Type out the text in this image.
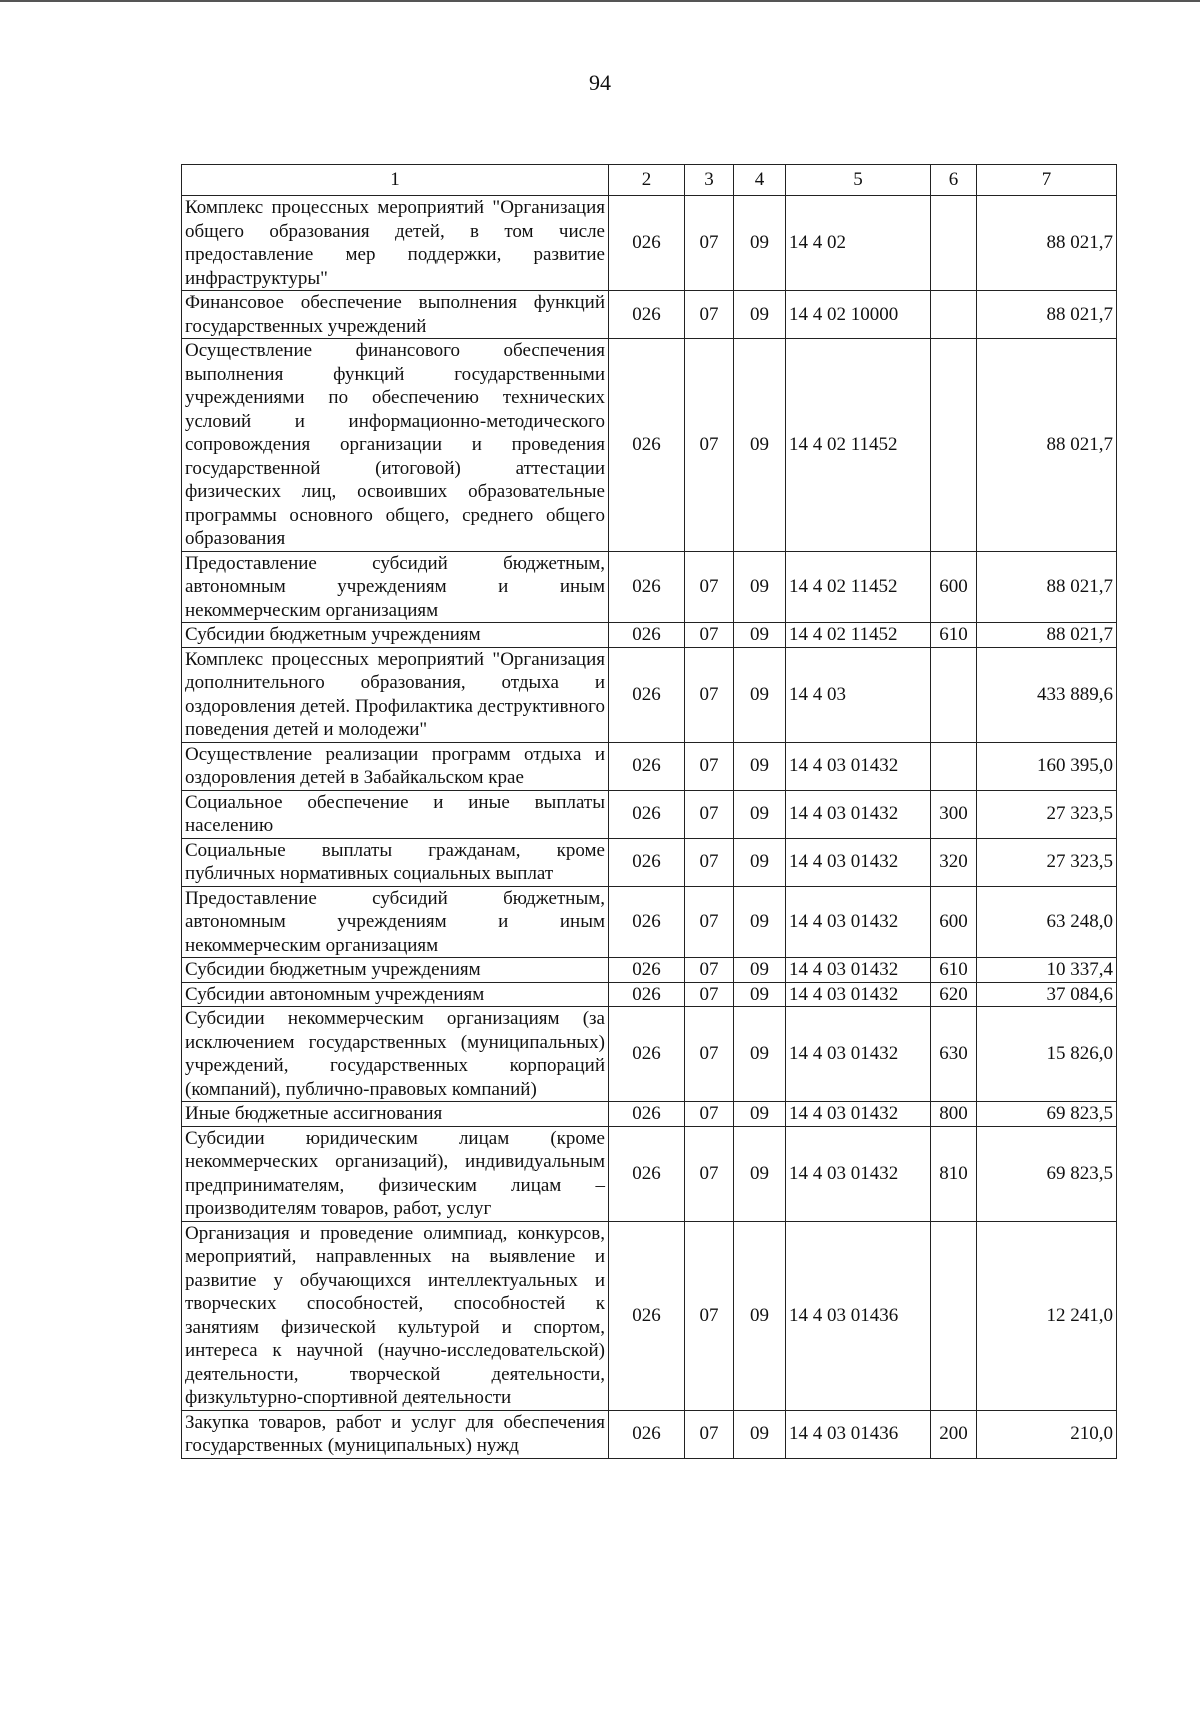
94
1	2	3	4	5	6	7
Комплекс процессных мероприятий "Организация общего образования детей, в том числе предоставление мер поддержки, развитие инфраструктуры"	026	07	09	14 4 02		88 021,7
Финансовое обеспечение выполнения функций государственных учреждений	026	07	09	14 4 02 10000		88 021,7
Осуществление финансового обеспечения выполнения функций государственными учреждениями по обеспечению технических условий и информационно-методического сопровождения организации и проведения государственной (итоговой) аттестации физических лиц, освоивших образовательные программы основного общего, среднего общего образования	026	07	09	14 4 02 11452		88 021,7
Предоставление субсидий бюджетным, автономным учреждениям и иным некоммерческим организациям	026	07	09	14 4 02 11452	600	88 021,7
Субсидии бюджетным учреждениям	026	07	09	14 4 02 11452	610	88 021,7
Комплекс процессных мероприятий "Организация дополнительного образования, отдыха и оздоровления детей. Профилактика деструктивного поведения детей и молодежи"	026	07	09	14 4 03		433 889,6
Осуществление реализации программ отдыха и оздоровления детей в Забайкальском крае	026	07	09	14 4 03 01432		160 395,0
Социальное обеспечение и иные выплаты населению	026	07	09	14 4 03 01432	300	27 323,5
Социальные выплаты гражданам, кроме публичных нормативных социальных выплат	026	07	09	14 4 03 01432	320	27 323,5
Предоставление субсидий бюджетным, автономным учреждениям и иным некоммерческим организациям	026	07	09	14 4 03 01432	600	63 248,0
Субсидии бюджетным учреждениям	026	07	09	14 4 03 01432	610	10 337,4
Субсидии автономным учреждениям	026	07	09	14 4 03 01432	620	37 084,6
Субсидии некоммерческим организациям (за исключением государственных (муниципальных) учреждений, государственных корпораций (компаний), публично-правовых компаний)	026	07	09	14 4 03 01432	630	15 826,0
Иные бюджетные ассигнования	026	07	09	14 4 03 01432	800	69 823,5
Субсидии юридическим лицам (кроме некоммерческих организаций), индивидуальным предпринимателям, физическим лицам – производителям товаров, работ, услуг	026	07	09	14 4 03 01432	810	69 823,5
Организация и проведение олимпиад, конкурсов, мероприятий, направленных на выявление и развитие у обучающихся интеллектуальных и творческих способностей, способностей к занятиям физической культурой и спортом, интереса к научной (научно-исследовательской) деятельности, творческой деятельности, физкультурно-спортивной деятельности	026	07	09	14 4 03 01436		12 241,0
Закупка товаров, работ и услуг для обеспечения государственных (муниципальных) нужд	026	07	09	14 4 03 01436	200	210,0
